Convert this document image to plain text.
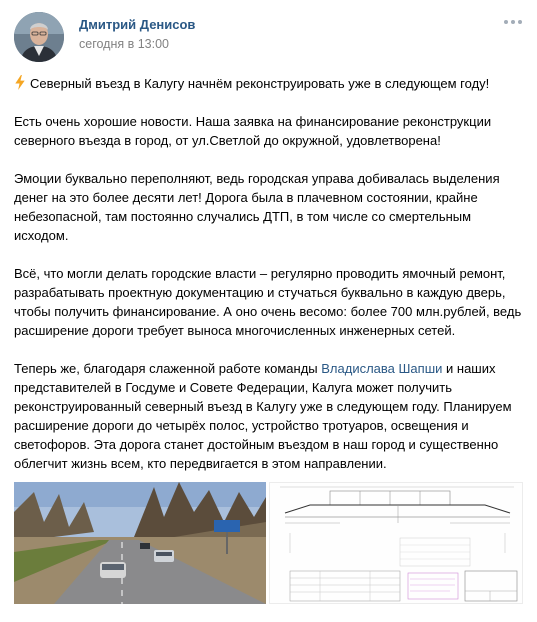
Дмитрий Денисов
сегодня в 13:00

Северный въезд в Калугу начнём реконструировать уже в следующем году!

Есть очень хорошие новости. Наша заявка на финансирование реконструкции северного въезда в город, от ул.Светлой до окружной, удовлетворена!

Эмоции буквально переполняют, ведь городская управа добивалась выделения денег на это более десяти лет! Дорога была в плачевном состоянии, крайне небезопасной, там постоянно случались ДТП, в том числе со смертельным исходом.

Всё, что могли делать городские власти – регулярно проводить ямочный ремонт, разрабатывать проектную документацию и стучаться буквально в каждую дверь, чтобы получить финансирование. А оно очень весомо: более 700 млн.рублей, ведь расширение дороги требует выноса многочисленных инженерных сетей.

Теперь же, благодаря слаженной работе команды Владислава Шапши и наших представителей в Госдуме и Совете Федерации, Калуга может получить реконструированный северный въезд в Калугу уже в следующем году. Планируем расширение дороги до четырёх полос, устройство тротуаров, освещения и светофоров. Эта дорога станет достойным въездом в наш город и существенно облегчит жизнь всем, кто передвигается в этом направлении.
